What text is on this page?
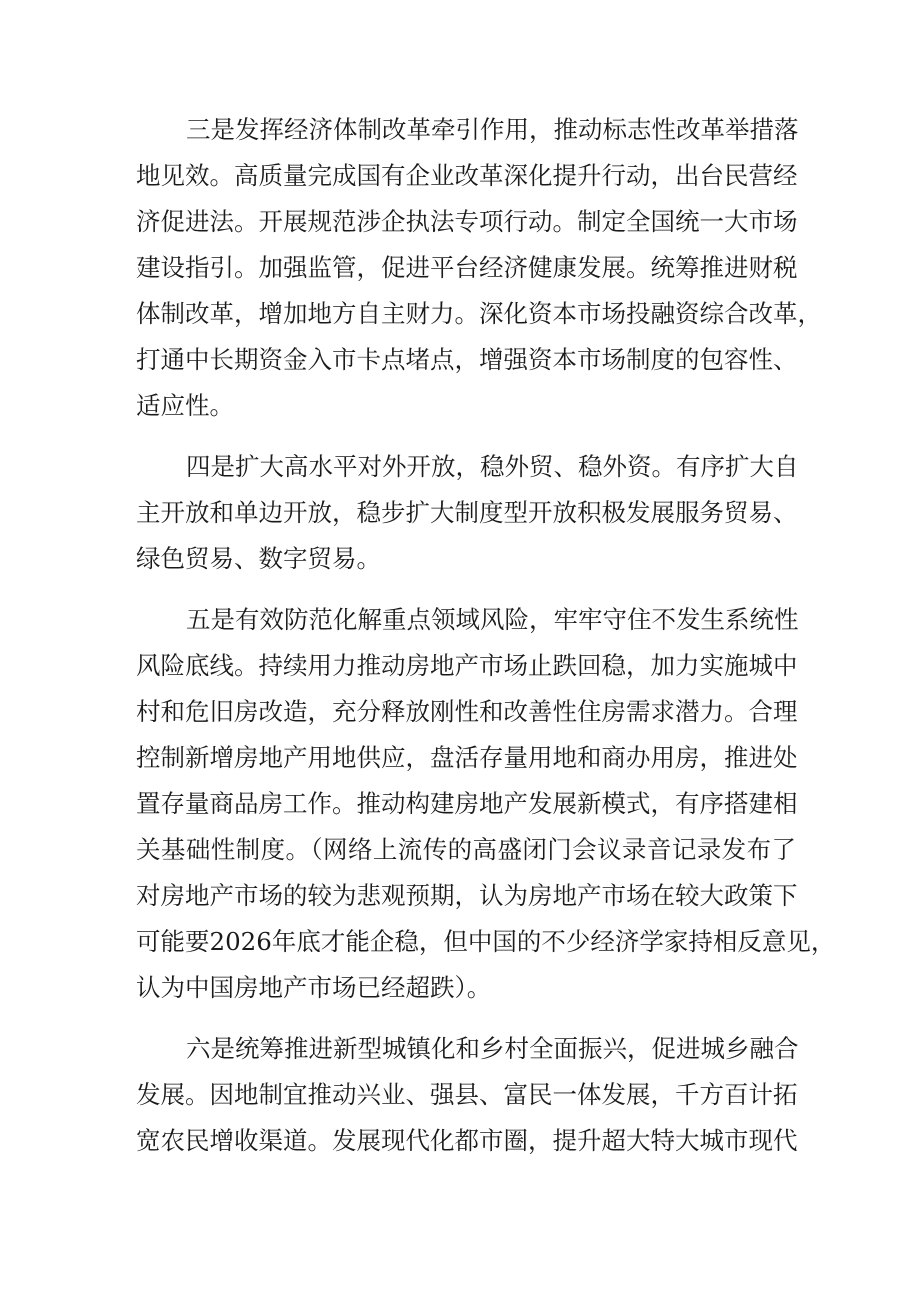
三是发挥经济体制改革牵引作用，推动标志性改革举措落
地见效。高质量完成国有企业改革深化提升行动，出台民营经
济促进法。开展规范涉企执法专项行动。制定全国统一大市场
建设指引。加强监管，促进平台经济健康发展。统筹推进财税
体制改革，增加地方自主财力。深化资本市场投融资综合改革，
打通中长期资金入市卡点堵点，增强资本市场制度的包容性、
适应性。
四是扩大高水平对外开放，稳外贸、稳外资。有序扩大自
主开放和单边开放，稳步扩大制度型开放积极发展服务贸易、
绿色贸易、数字贸易。
五是有效防范化解重点领域风险，牢牢守住不发生系统性
风险底线。持续用力推动房地产市场止跌回稳，加力实施城中
村和危旧房改造，充分释放刚性和改善性住房需求潜力。合理
控制新增房地产用地供应，盘活存量用地和商办用房，推进处
置存量商品房工作。推动构建房地产发展新模式，有序搭建相
关基础性制度。（网络上流传的高盛闭门会议录音记录发布了
对房地产市场的较为悲观预期，认为房地产市场在较大政策下
可能要2026年底才能企稳，但中国的不少经济学家持相反意见，
认为中国房地产市场已经超跌）。
六是统筹推进新型城镇化和乡村全面振兴，促进城乡融合
发展。因地制宜推动兴业、强县、富民一体发展，千方百计拓
宽农民增收渠道。发展现代化都市圈，提升超大特大城市现代
